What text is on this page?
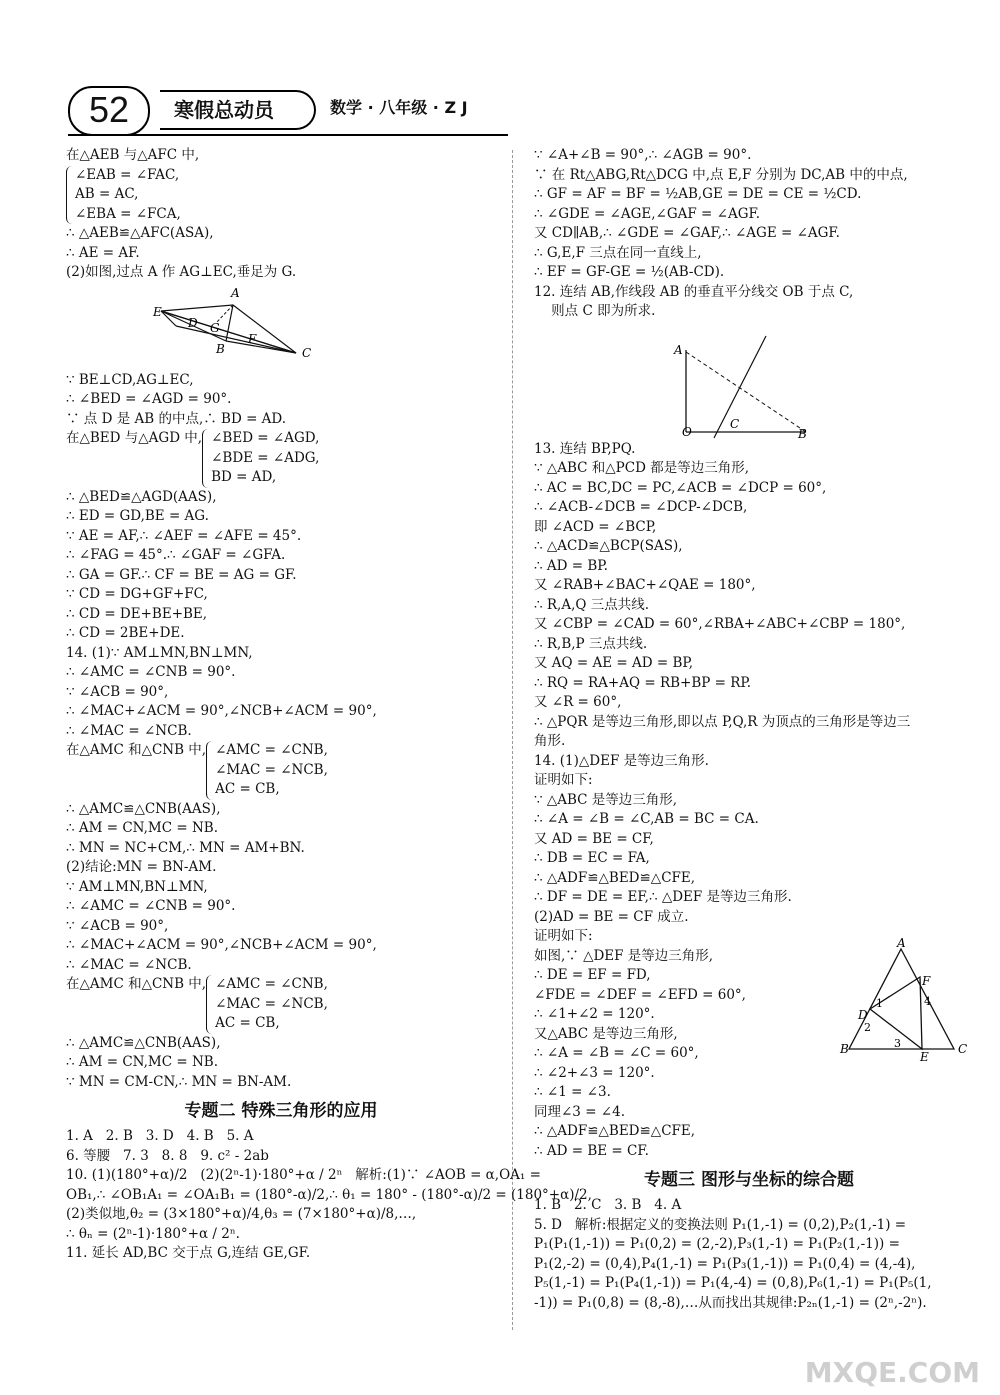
52	寒假总动员	数学 · 八年级 · Z J
在△AEB 与△AFC 中,
∠EAB = ∠FAC,
AB = AC,
∠EBA = ∠FCA,
∴ △AEB≌△AFC(ASA),
∴ AE = AF.
(2)如图,过点 A 作 AG⊥EC,垂足为 G.
A
E
D G
F
B	C
∵ BE⊥CD,AG⊥EC,
∴ ∠BED = ∠AGD = 90°.
∵ 点 D 是 AB 的中点,∴ BD = AD.
在△BED 与△AGD 中, ∠BED = ∠AGD,
∠BDE = ∠ADG,
BD = AD,
∴ △BED≌△AGD(AAS),
∴ ED = GD,BE = AG.
∵ AE = AF,∴ ∠AEF = ∠AFE = 45°.
∴ ∠FAG = 45°.∴ ∠GAF = ∠GFA.
∴ GA = GF.∴ CF = BE = AG = GF.
∵ CD = DG+GF+FC,
∴ CD = DE+BE+BE,
∴ CD = 2BE+DE.
14. (1)∵ AM⊥MN,BN⊥MN,
∴ ∠AMC = ∠CNB = 90°.
∵ ∠ACB = 90°,
∴ ∠MAC+∠ACM = 90°,∠NCB+∠ACM = 90°,
∴ ∠MAC = ∠NCB.
在△AMC 和△CNB 中, ∠AMC = ∠CNB,
∠MAC = ∠NCB,
AC = CB,
∴ △AMC≌△CNB(AAS),
∴ AM = CN,MC = NB.
∴ MN = NC+CM,∴ MN = AM+BN.
(2)结论:MN = BN-AM.
∵ AM⊥MN,BN⊥MN,
∴ ∠AMC = ∠CNB = 90°.
∵ ∠ACB = 90°,
∴ ∠MAC+∠ACM = 90°,∠NCB+∠ACM = 90°,
∴ ∠MAC = ∠NCB.
在△AMC 和△CNB 中, ∠AMC = ∠CNB,
∠MAC = ∠NCB,
AC = CB,
∴ △AMC≌△CNB(AAS),
∴ AM = CN,MC = NB.
∵ MN = CM-CN,∴ MN = BN-AM.
专题二 特殊三角形的应用
1. A   2. B   3. D   4. B   5. A
6. 等腰   7. 3   8. 8   9. c² - 2ab
10. (1)(180°+α)/2   (2)(2ⁿ-1)·180°+α / 2ⁿ   解析:(1)∵ ∠AOB = α,OA₁ =
OB₁,∴ ∠OB₁A₁ = ∠OA₁B₁ = (180°-α)/2,∴ θ₁ = 180° - (180°-α)/2 = (180°+α)/2,
(2)类似地,θ₂ = (3×180°+α)/4,θ₃ = (7×180°+α)/8,…,
∴ θₙ = (2ⁿ-1)·180°+α / 2ⁿ.
11. 延长 AD,BC 交于点 G,连结 GE,GF.
∵ ∠A+∠B = 90°,∴ ∠AGB = 90°.
∵ 在 Rt△ABG,Rt△DCG 中,点 E,F 分别为 DC,AB 中的中点,
∴ GF = AF = BF = ½AB,GE = DE = CE = ½CD.
∴ ∠GDE = ∠AGE,∠GAF = ∠AGF.
又 CD∥AB,∴ ∠GDE = ∠GAF,∴ ∠AGE = ∠AGF.
∴ G,E,F 三点在同一直线上,
∴ EF = GF-GE = ½(AB-CD).
12. 连结 AB,作线段 AB 的垂直平分线交 OB 于点 C,
则点 C 即为所求.
A
O
C
B
13. 连结 BP,PQ.
∵ △ABC 和△PCD 都是等边三角形,
∴ AC = BC,DC = PC,∠ACB = ∠DCP = 60°,
∴ ∠ACB-∠DCB = ∠DCP-∠DCB,
即 ∠ACD = ∠BCP,
∴ △ACD≌△BCP(SAS),
∴ AD = BP.
又 ∠RAB+∠BAC+∠QAE = 180°,
∴ R,A,Q 三点共线.
又 ∠CBP = ∠CAD = 60°,∠RBA+∠ABC+∠CBP = 180°,
∴ R,B,P 三点共线.
又 AQ = AE = AD = BP,
∴ RQ = RA+AQ = RB+BP = RP.
又 ∠R = 60°,
∴ △PQR 是等边三角形,即以点 P,Q,R 为顶点的三角形是等边三
角形.
14. (1)△DEF 是等边三角形.
证明如下:
∵ △ABC 是等边三角形,
∴ ∠A = ∠B = ∠C,AB = BC = CA.
又 AD = BE = CF,
∴ DB = EC = FA,
∴ △ADF≌△BED≌△CFE,
∴ DF = DE = EF,∴ △DEF 是等边三角形.
(2)AD = BE = CF 成立.
证明如下:
如图,∵ △DEF 是等边三角形,
∴ DE = EF = FD,
∠FDE = ∠DEF = ∠EFD = 60°,
∴ ∠1+∠2 = 120°.
又△ABC 是等边三角形,
∴ ∠A = ∠B = ∠C = 60°,
∴ ∠2+∠3 = 120°.
∴ ∠1 = ∠3.
同理∠3 = ∠4.
∴ △ADF≌△BED≌△CFE,
∴ AD = BE = CF.
A
F
D
B
E
C
1
2
3
4
专题三 图形与坐标的综合题
1. B   2. C   3. B   4. A
5. D   解析:根据定义的变换法则 P₁(1,-1) = (0,2),P₂(1,-1) =
P₁(P₁(1,-1)) = P₁(0,2) = (2,-2),P₃(1,-1) = P₁(P₂(1,-1)) =
P₁(2,-2) = (0,4),P₄(1,-1) = P₁(P₃(1,-1)) = P₁(0,4) = (4,-4),
P₅(1,-1) = P₁(P₄(1,-1)) = P₁(4,-4) = (0,8),P₆(1,-1) = P₁(P₅(1,
-1)) = P₁(0,8) = (8,-8),…从而找出其规律:P₂ₙ(1,-1) = (2ⁿ,-2ⁿ).
MXQE.COM
